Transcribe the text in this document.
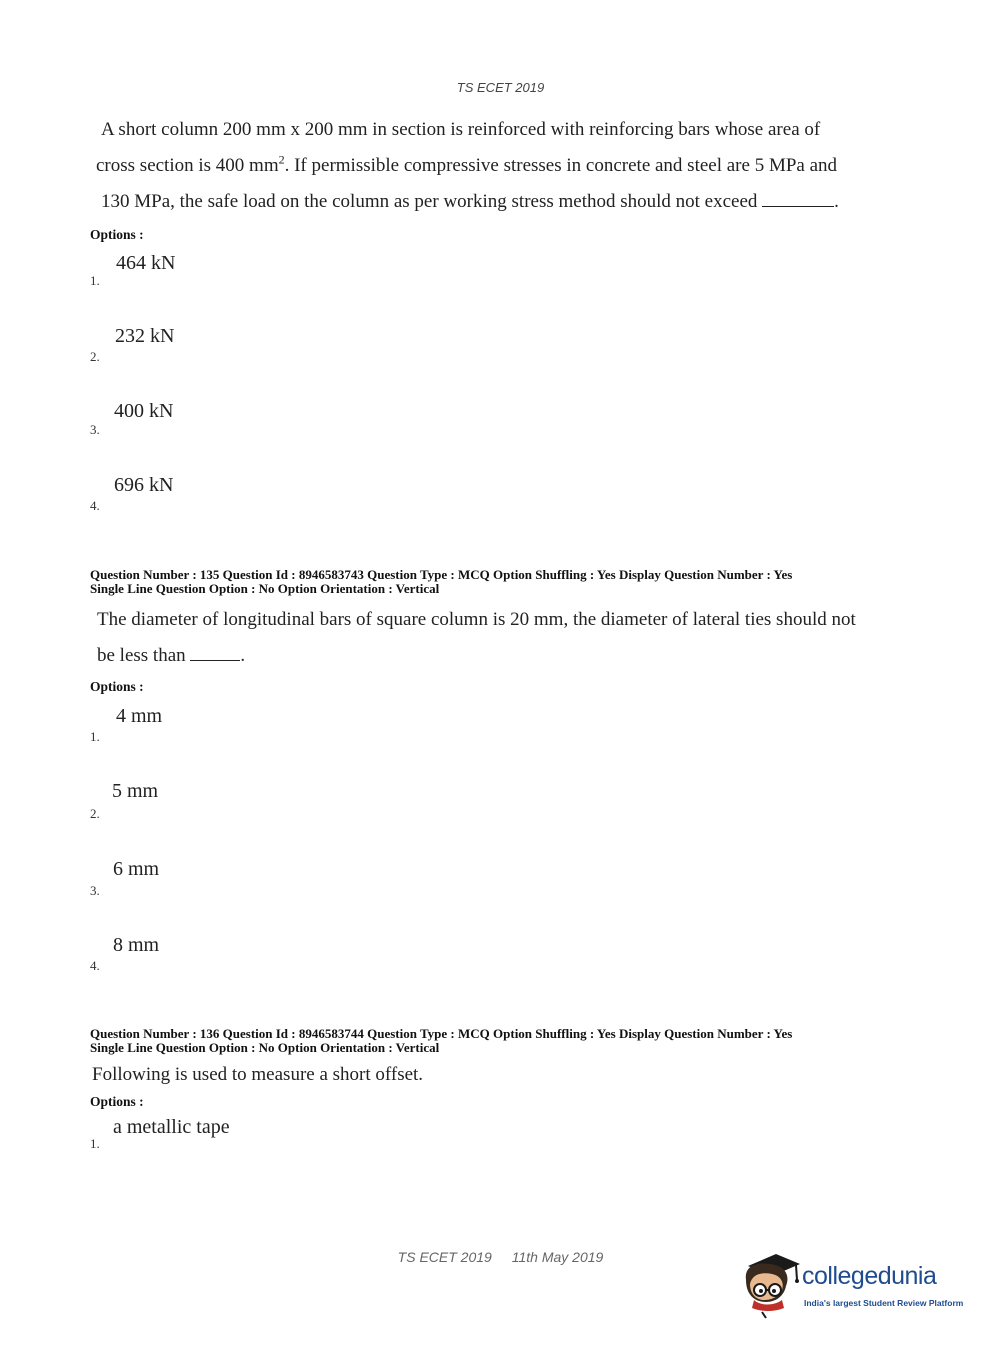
TS ECET 2019
A short column 200 mm x 200 mm in section is reinforced with reinforcing bars whose area of
cross section is 400 $mm^2$. If permissible compressive stresses in concrete and steel are 5 MPa and
130 MPa, the safe load on the column as per working stress method should not exceed	.
Options :
464 kN
1.
232 kN
2.
400 kN
3.
696 kN
4.
Question Number : 135 Question Id : 8946583743 Question Type : MCQ Option Shuffling : Yes Display Question Number : Yes
Single Line Question Option : No Option Orientation : Vertical
The diameter of longitudinal bars of square column is 20 mm, the diameter of lateral ties should not
be less than	.
Options :
4 mm
1.
5 mm
2.
6 mm
3.
8 mm
4.
Question Number : 136 Question Id : 8946583744 Question Type : MCQ Option Shuffling : Yes Display Question Number : Yes
Single Line Question Option : No Option Orientation : Vertical
Following is used to measure a short offset.
Options :
a metallic tape
1.
TS ECET 2019 11th May 2019
collegedunia
India's largest Student Review Platform
